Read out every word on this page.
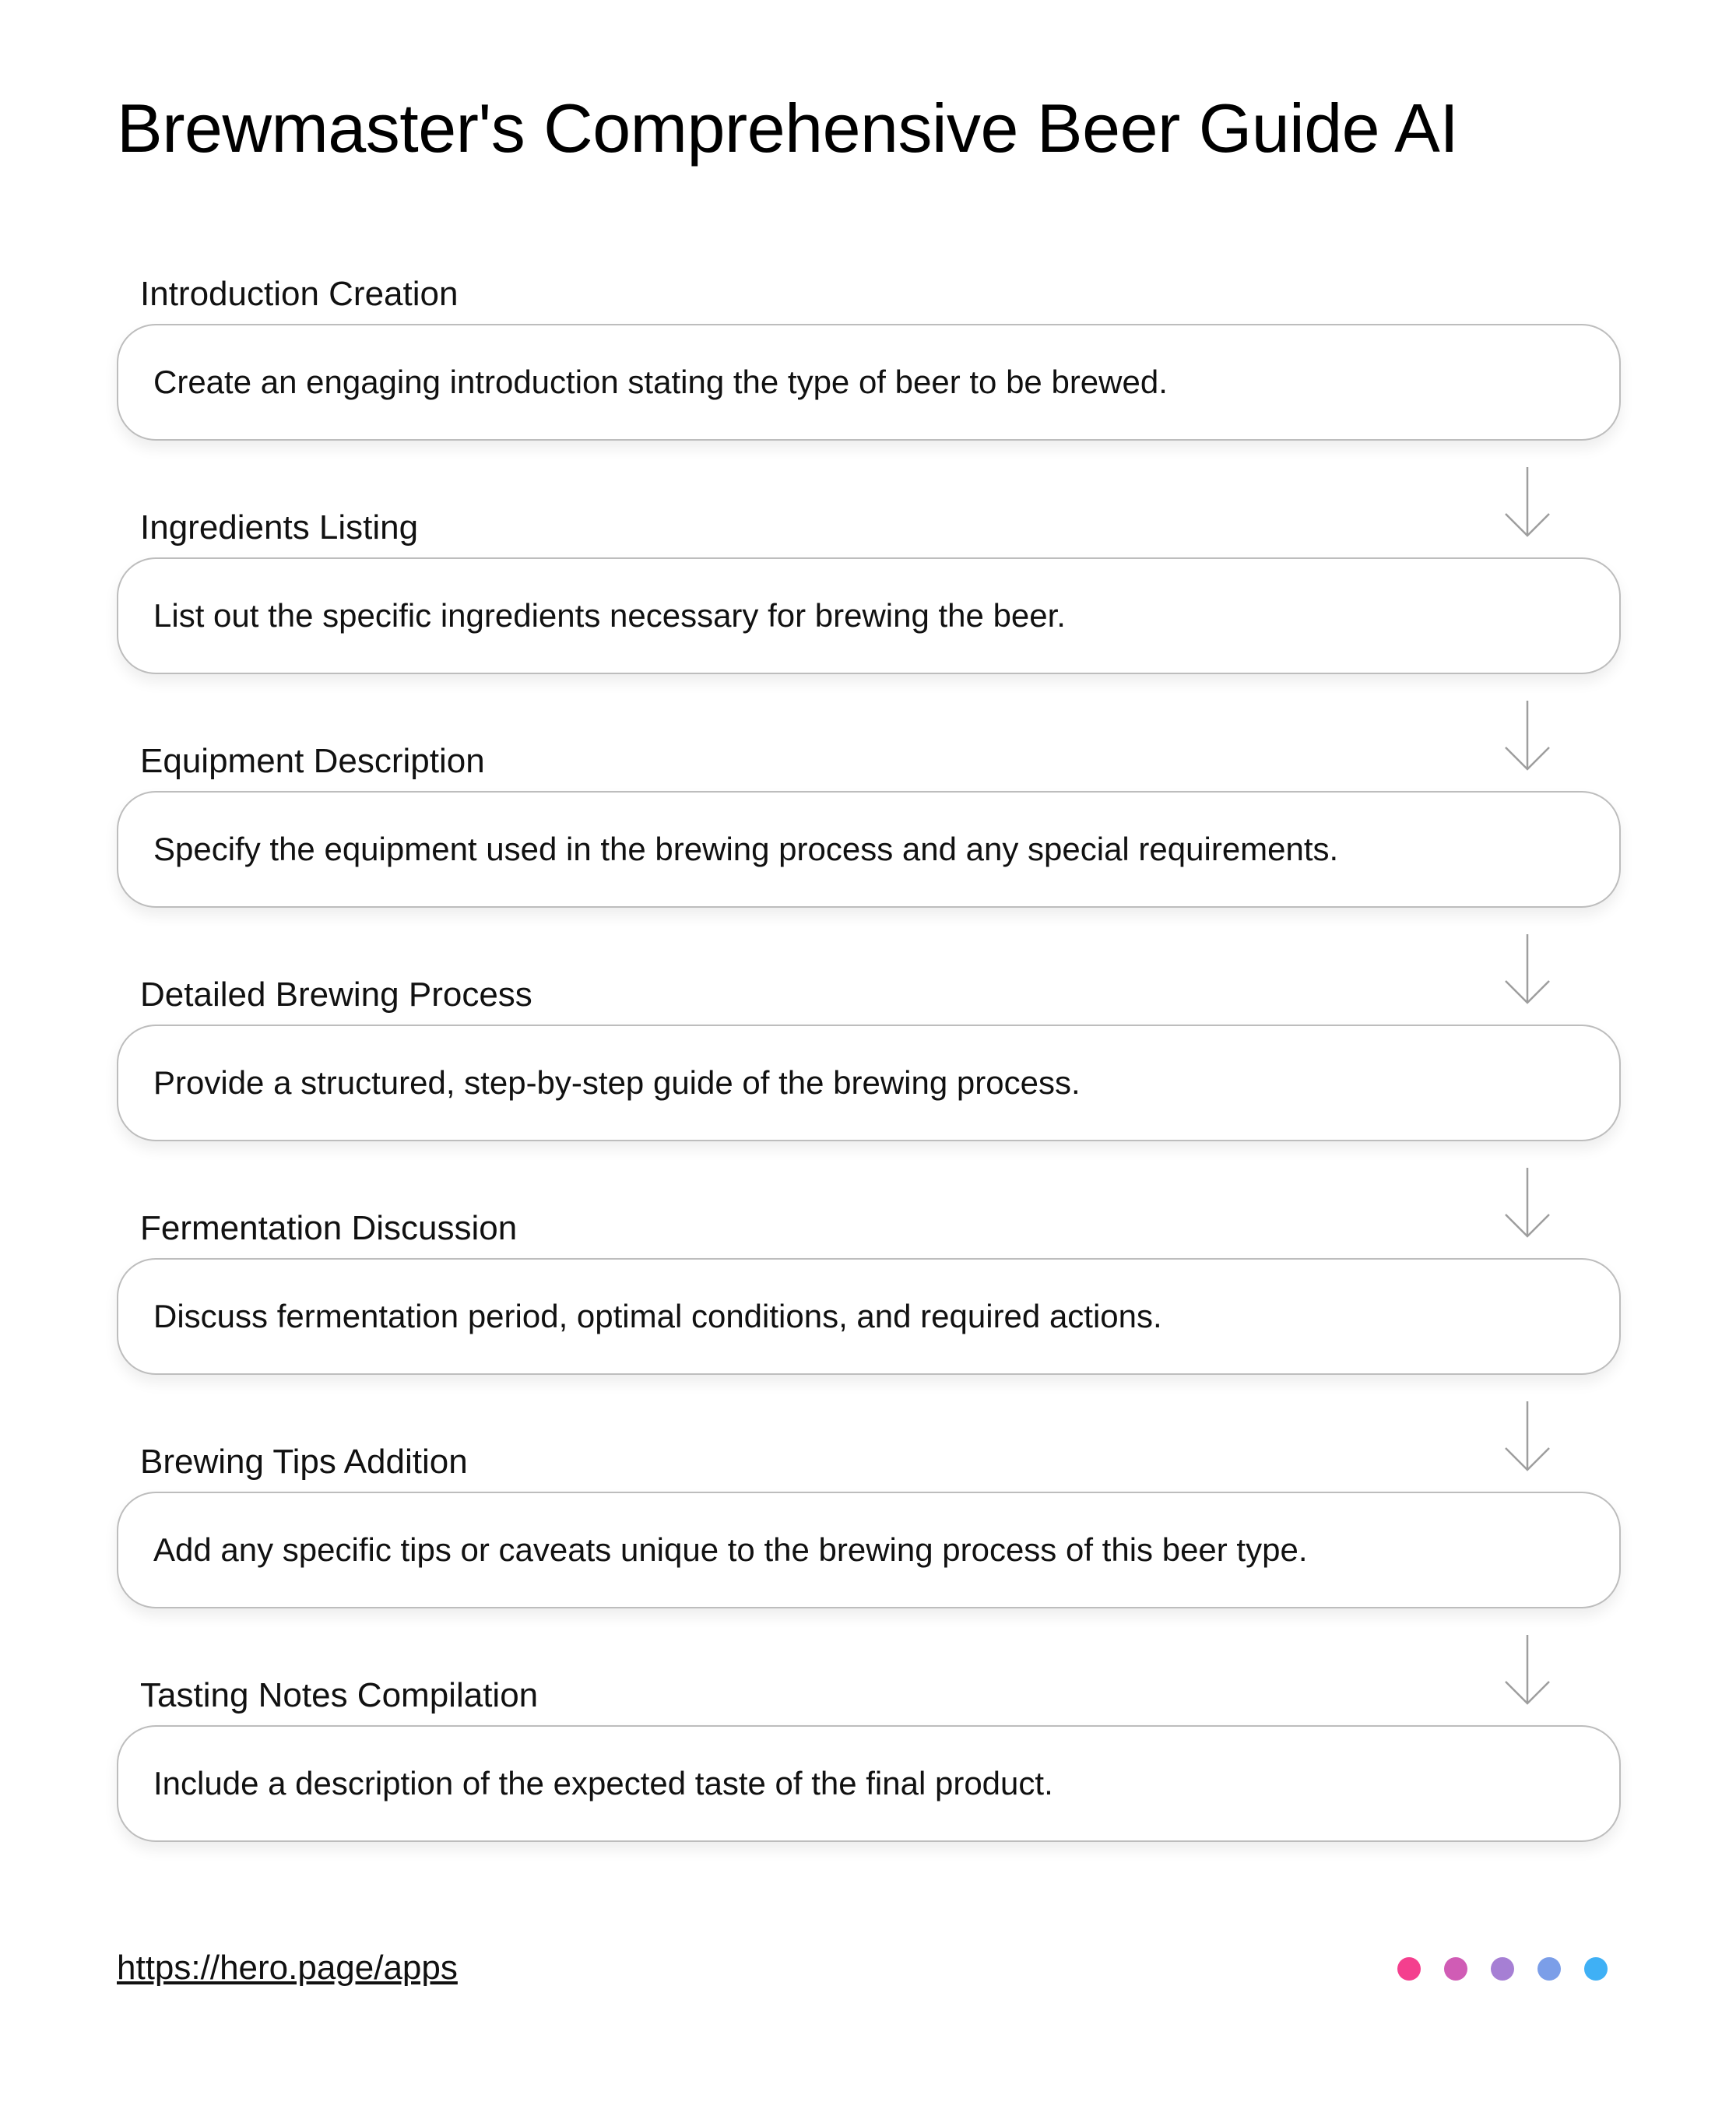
Brewmaster's Comprehensive Beer Guide AI
Introduction Creation
Create an engaging introduction stating the type of beer to be brewed.
Ingredients Listing
List out the specific ingredients necessary for brewing the beer.
Equipment Description
Specify the equipment used in the brewing process and any special requirements.
Detailed Brewing Process
Provide a structured, step-by-step guide of the brewing process.
Fermentation Discussion
Discuss fermentation period, optimal conditions, and required actions.
Brewing Tips Addition
Add any specific tips or caveats unique to the brewing process of this beer type.
Tasting Notes Compilation
Include a description of the expected taste of the final product.
https://hero.page/apps
